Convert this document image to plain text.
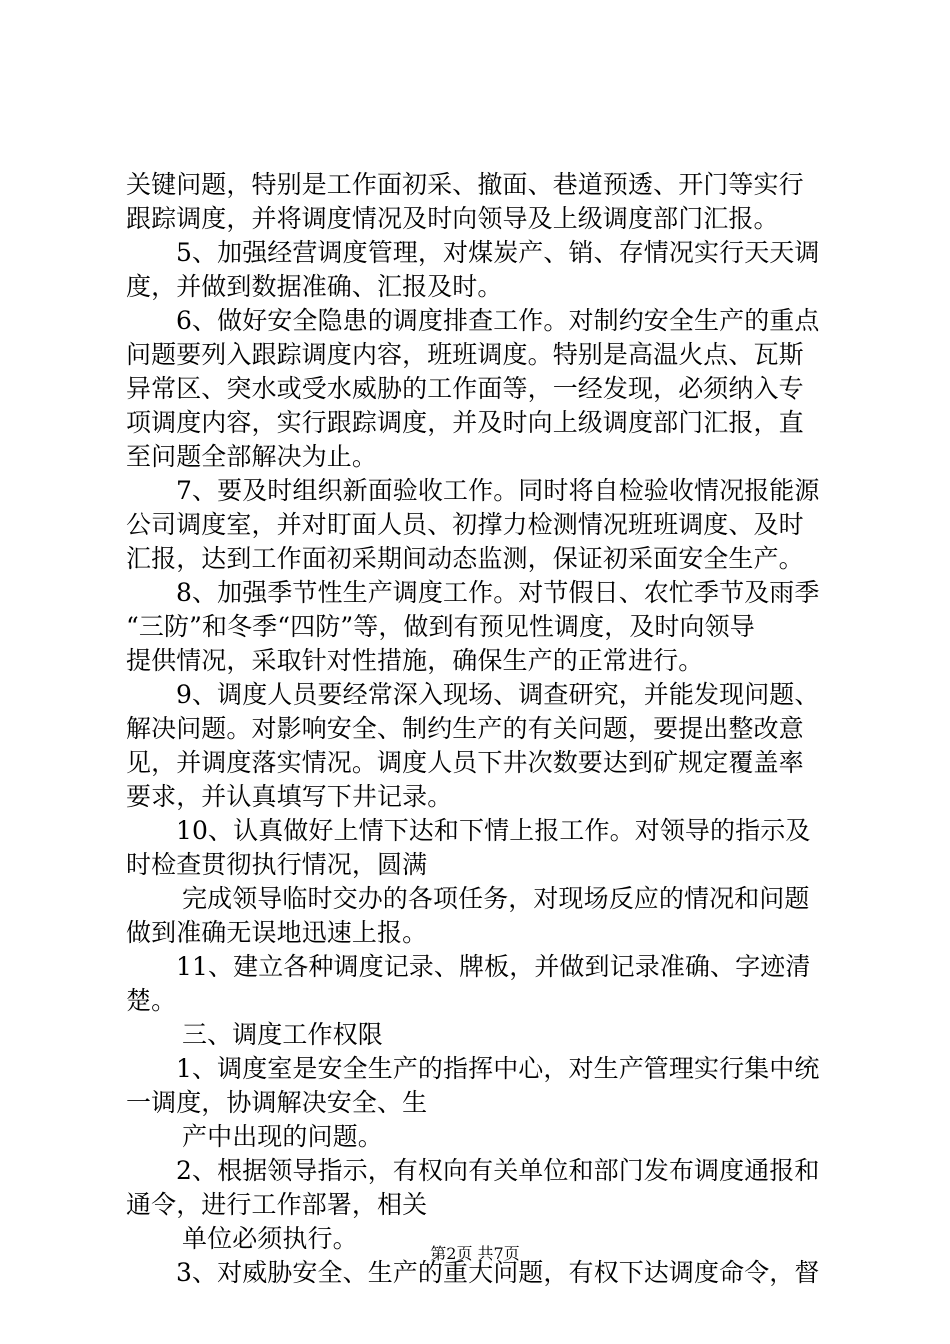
关键问题，特别是工作面初采、撤面、巷道预透、开门等实行
跟踪调度，并将调度情况及时向领导及上级调度部门汇报。
5、加强经营调度管理，对煤炭产、销、存情况实行天天调
度，并做到数据准确、汇报及时。
6、做好安全隐患的调度排查工作。对制约安全生产的重点
问题要列入跟踪调度内容，班班调度。特别是高温火点、瓦斯
异常区、突水或受水威胁的工作面等，一经发现，必须纳入专
项调度内容，实行跟踪调度，并及时向上级调度部门汇报，直
至问题全部解决为止。
7、要及时组织新面验收工作。同时将自检验收情况报能源
公司调度室，并对盯面人员、初撑力检测情况班班调度、及时
汇报，达到工作面初采期间动态监测，保证初采面安全生产。
8、加强季节性生产调度工作。对节假日、农忙季节及雨季
“三防”和冬季“四防”等，做到有预见性调度，及时向领导
提供情况，采取针对性措施，确保生产的正常进行。
9、调度人员要经常深入现场、调查研究，并能发现问题、
解决问题。对影响安全、制约生产的有关问题，要提出整改意
见，并调度落实情况。调度人员下井次数要达到矿规定覆盖率
要求，并认真填写下井记录。
10、认真做好上情下达和下情上报工作。对领导的指示及
时检查贯彻执行情况，圆满
完成领导临时交办的各项任务，对现场反应的情况和问题
做到准确无误地迅速上报。
11、建立各种调度记录、牌板，并做到记录准确、字迹清
楚。
三、调度工作权限
1、调度室是安全生产的指挥中心，对生产管理实行集中统
一调度，协调解决安全、生
产中出现的问题。
2、根据领导指示，有权向有关单位和部门发布调度通报和
通令，进行工作部署，相关
单位必须执行。
3、对威胁安全、生产的重大问题，有权下达调度命令，督
第2页 共7页
